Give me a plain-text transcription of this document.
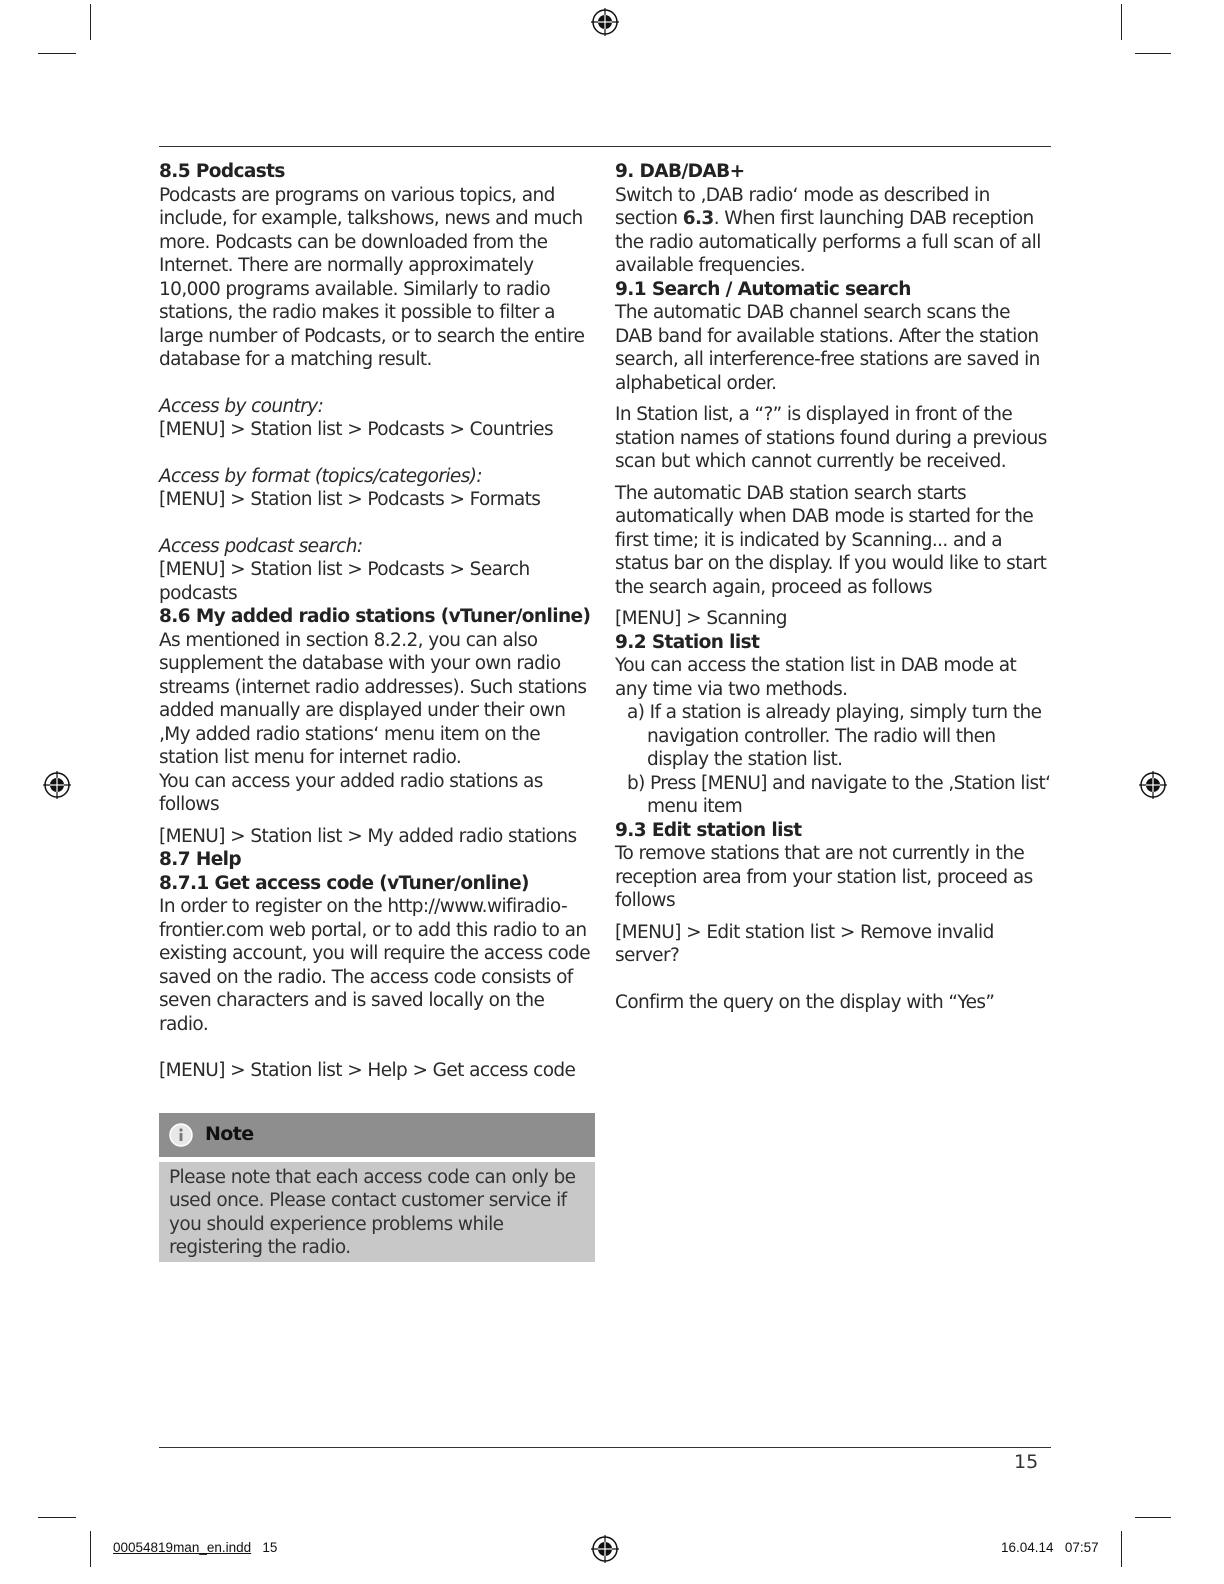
8.5 Podcasts

Podcasts are programs on various topics, and include, for example, talkshows, news and much more. Podcasts can be downloaded from the Internet. There are normally approximately 10,000 programs available. Similarly to radio stations, the radio makes it possible to filter a large number of Podcasts, or to search the entire database for a matching result.

Access by country:

[MENU] > Station list > Podcasts > Countries

Access by format (topics/categories):

[MENU] > Station list > Podcasts > Formats

Access podcast search:

[MENU] > Station list > Podcasts > Search podcasts

8.6 My added radio stations (vTuner/online)

As mentioned in section 8.2.2, you can also supplement the database with your own radio streams (internet radio addresses). Such stations added manually are displayed under their own ‚My added radio stations‘ menu item on the station list menu for internet radio.

You can access your added radio stations as follows

[MENU] > Station list > My added radio stations

8.7 Help

8.7.1 Get access code (vTuner/online)

In order to register on the http://www.wifiradio-frontier.com web portal, or to add this radio to an existing account, you will require the access code saved on the radio. The access code consists of seven characters and is saved locally on the radio.

[MENU] > Station list > Help > Get access code

Note

Please note that each access code can only be used once. Please contact customer service if you should experience problems while registering the radio.

9. DAB/DAB+

Switch to ‚DAB radio‘ mode as described in section 6.3. When first launching DAB reception the radio automatically performs a full scan of all available frequencies.

9.1 Search / Automatic search

The automatic DAB channel search scans the DAB band for available stations. After the station search, all interference-free stations are saved in alphabetical order.

In Station list, a “?” is displayed in front of the station names of stations found during a previous scan but which cannot currently be received.

The automatic DAB station search starts automatically when DAB mode is started for the first time; it is indicated by Scanning... and a status bar on the display. If you would like to start the search again, proceed as follows

[MENU] > Scanning

9.2 Station list

You can access the station list in DAB mode at any time via two methods.

a) If a station is already playing, simply turn the navigation controller. The radio will then display the station list.

b) Press [MENU] and navigate to the ‚Station list‘ menu item

9.3 Edit station list

To remove stations that are not currently in the reception area from your station list, proceed as follows

[MENU] > Edit station list > Remove invalid server?

Confirm the query on the display with “Yes”

15
00054819man_en.indd 15	16.04.14 07:57
